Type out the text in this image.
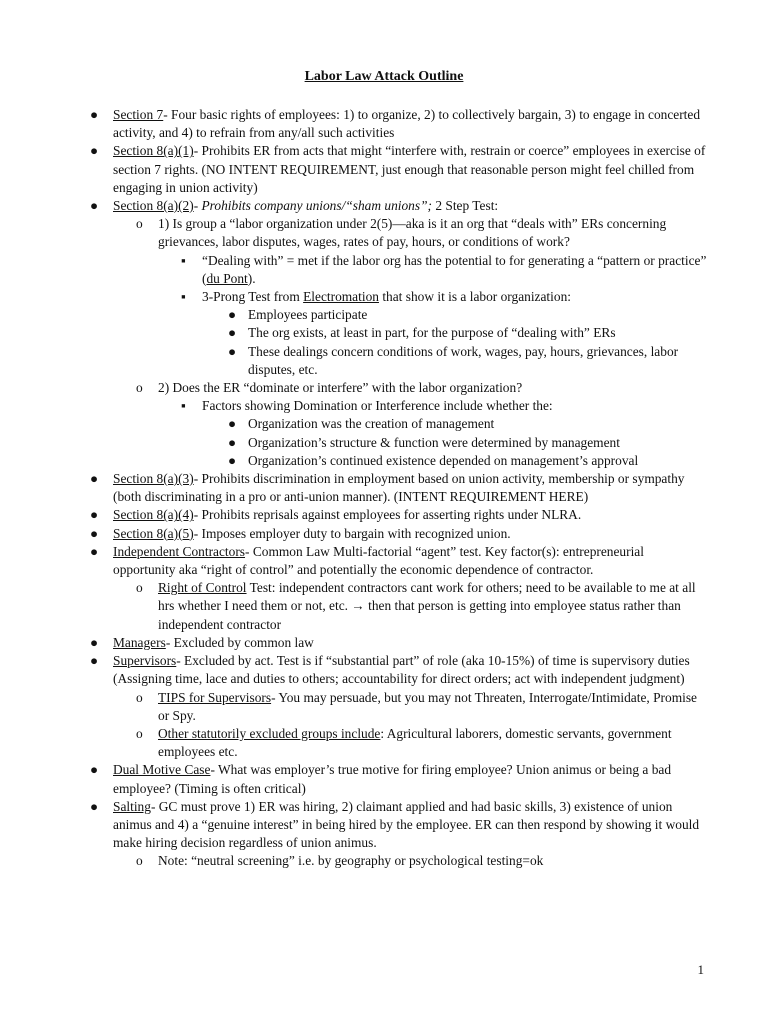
Labor Law Attack Outline
● Section 7- Four basic rights of employees: 1) to organize, 2) to collectively bargain, 3) to engage in concerted activity, and 4) to refrain from any/all such activities
● Section 8(a)(1)- Prohibits ER from acts that might “interfere with, restrain or coerce” employees in exercise of section 7 rights. (NO INTENT REQUIREMENT, just enough that reasonable person might feel chilled from engaging in union activity)
● Section 8(a)(2)- Prohibits company unions/“sham unions”; 2 Step Test:
o 1) Is group a “labor organization under 2(5)—aka is it an org that “deals with” ERs concerning grievances, labor disputes, wages, rates of pay, hours, or conditions of work?
▪ “Dealing with” = met if the labor org has the potential to for generating a “pattern or practice” (du Pont).
▪ 3-Prong Test from Electromation that show it is a labor organization:
● Employees participate
● The org exists, at least in part, for the purpose of “dealing with” ERs
● These dealings concern conditions of work, wages, pay, hours, grievances, labor disputes, etc.
o 2) Does the ER “dominate or interfere” with the labor organization?
▪ Factors showing Domination or Interference include whether the:
● Organization was the creation of management
● Organization’s structure & function were determined by management
● Organization’s continued existence depended on management’s approval
● Section 8(a)(3)- Prohibits discrimination in employment based on union activity, membership or sympathy (both discriminating in a pro or anti-union manner). (INTENT REQUIREMENT HERE)
● Section 8(a)(4)- Prohibits reprisals against employees for asserting rights under NLRA.
● Section 8(a)(5)- Imposes employer duty to bargain with recognized union.
● Independent Contractors- Common Law Multi-factorial “agent” test. Key factor(s): entrepreneurial opportunity aka “right of control” and potentially the economic dependence of contractor.
o Right of Control Test: independent contractors cant work for others; need to be available to me at all hrs whether I need them or not, etc. → then that person is getting into employee status rather than independent contractor
● Managers- Excluded by common law
● Supervisors- Excluded by act. Test is if “substantial part” of role (aka 10-15%) of time is supervisory duties (Assigning time, lace and duties to others; accountability for direct orders; act with independent judgment)
o TIPS for Supervisors- You may persuade, but you may not Threaten, Interrogate/Intimidate, Promise or Spy.
o Other statutorily excluded groups include: Agricultural laborers, domestic servants, government employees etc.
● Dual Motive Case- What was employer’s true motive for firing employee? Union animus or being a bad employee? (Timing is often critical)
● Salting- GC must prove 1) ER was hiring, 2) claimant applied and had basic skills, 3) existence of union animus and 4) a “genuine interest” in being hired by the employee. ER can then respond by showing it would make hiring decision regardless of union animus.
o Note: “neutral screening” i.e. by geography or psychological testing=ok
1
